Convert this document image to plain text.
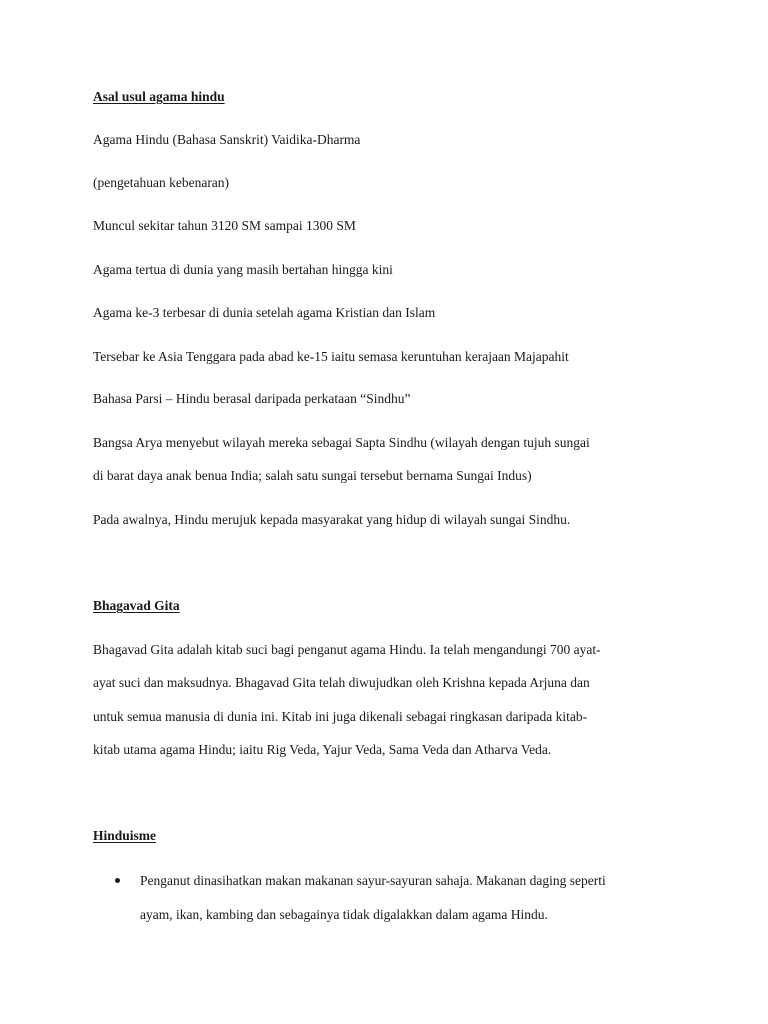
Asal usul agama hindu
Agama Hindu (Bahasa Sanskrit) Vaidika-Dharma
(pengetahuan kebenaran)
Muncul sekitar tahun 3120 SM sampai 1300 SM
Agama tertua di dunia yang masih bertahan hingga kini
Agama ke-3 terbesar di dunia setelah agama Kristian dan Islam
Tersebar ke Asia Tenggara pada abad ke-15 iaitu semasa keruntuhan kerajaan Majapahit
Bahasa Parsi – Hindu berasal daripada perkataan “Sindhu”
Bangsa Arya menyebut wilayah mereka sebagai Sapta Sindhu (wilayah dengan tujuh sungai
di barat daya anak benua India; salah satu sungai tersebut bernama Sungai Indus)
Pada awalnya, Hindu merujuk kepada masyarakat yang hidup di wilayah sungai Sindhu.
Bhagavad Gita
Bhagavad Gita adalah kitab suci bagi penganut agama Hindu. Ia telah mengandungi 700 ayat-
ayat suci dan maksudnya. Bhagavad Gita telah diwujudkan oleh Krishna kepada Arjuna dan
untuk semua manusia di dunia ini. Kitab ini juga dikenali sebagai ringkasan daripada kitab-
kitab utama agama Hindu; iaitu Rig Veda, Yajur Veda, Sama Veda dan Atharva Veda.
Hinduisme
Penganut dinasihatkan makan makanan sayur-sayuran sahaja. Makanan daging seperti
ayam, ikan, kambing dan sebagainya tidak digalakkan dalam agama Hindu.
